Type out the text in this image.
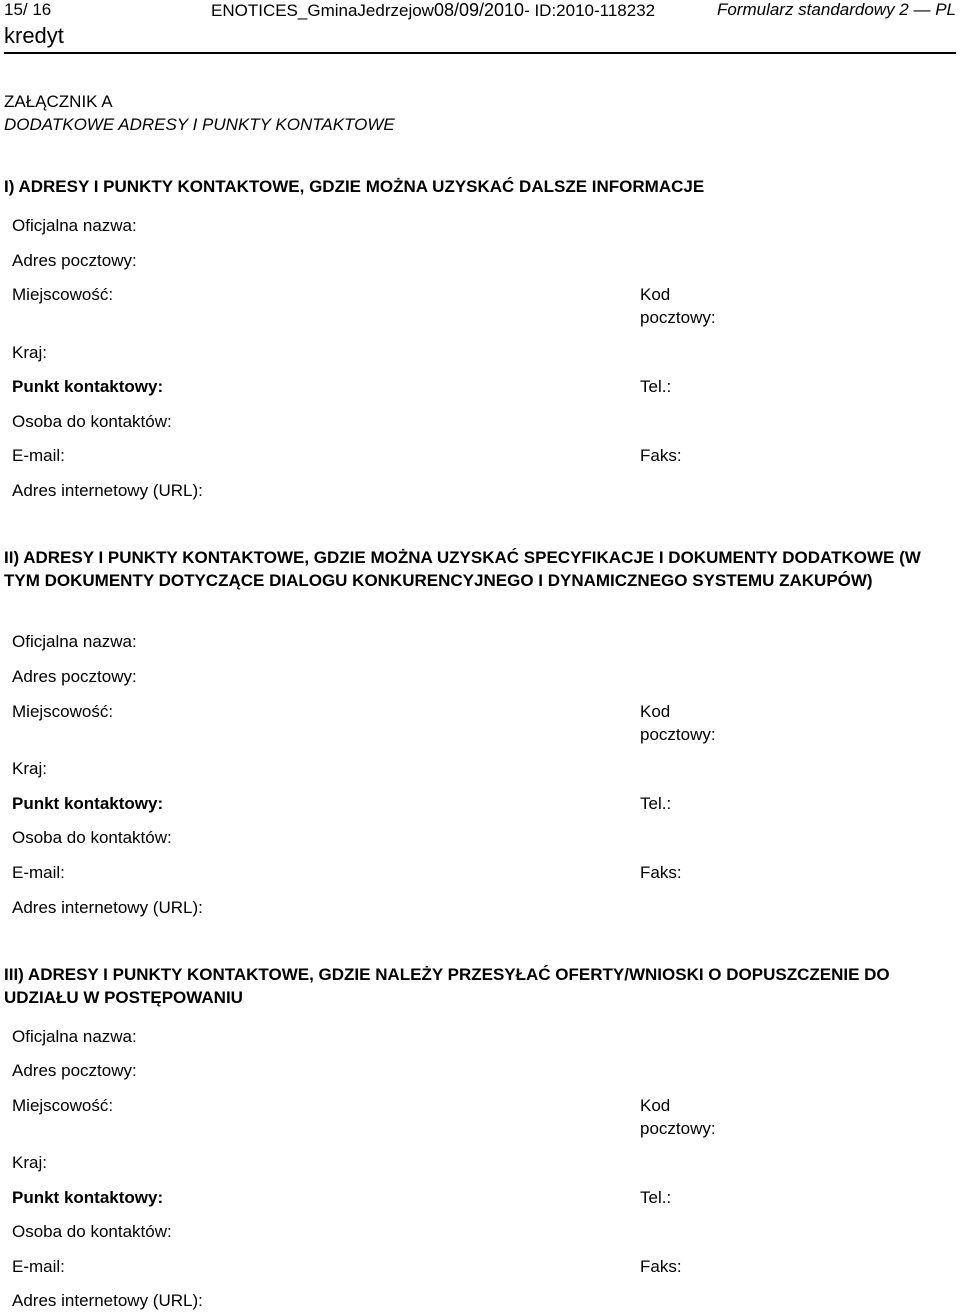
15/ 16	ENOTICES_GminaJedrzejow08/09/2010- ID:2010-118232	Formularz standardowy 2 — PL
kredyt
ZAŁĄCZNIK A
DODATKOWE ADRESY I PUNKTY KONTAKTOWE
I) ADRESY I PUNKTY KONTAKTOWE, GDZIE MOŻNA UZYSKAĆ DALSZE INFORMACJE
Oficjalna nazwa:
Adres pocztowy:
Miejscowość:	Kod
pocztowy:
Kraj:
Punkt kontaktowy:	Tel.:
Osoba do kontaktów:
E-mail:	Faks:
Adres internetowy (URL):
II) ADRESY I PUNKTY KONTAKTOWE, GDZIE MOŻNA UZYSKAĆ SPECYFIKACJE I DOKUMENTY DODATKOWE (W TYM DOKUMENTY DOTYCZĄCE DIALOGU KONKURENCYJNEGO I DYNAMICZNEGO SYSTEMU ZAKUPÓW)
Oficjalna nazwa:
Adres pocztowy:
Miejscowość:	Kod
pocztowy:
Kraj:
Punkt kontaktowy:	Tel.:
Osoba do kontaktów:
E-mail:	Faks:
Adres internetowy (URL):
III) ADRESY I PUNKTY KONTAKTOWE, GDZIE NALEŻY PRZESYŁAĆ OFERTY/WNIOSKI O DOPUSZCZENIE DO UDZIAŁU W POSTĘPOWANIU
Oficjalna nazwa:
Adres pocztowy:
Miejscowość:	Kod
pocztowy:
Kraj:
Punkt kontaktowy:	Tel.:
Osoba do kontaktów:
E-mail:	Faks:
Adres internetowy (URL):
